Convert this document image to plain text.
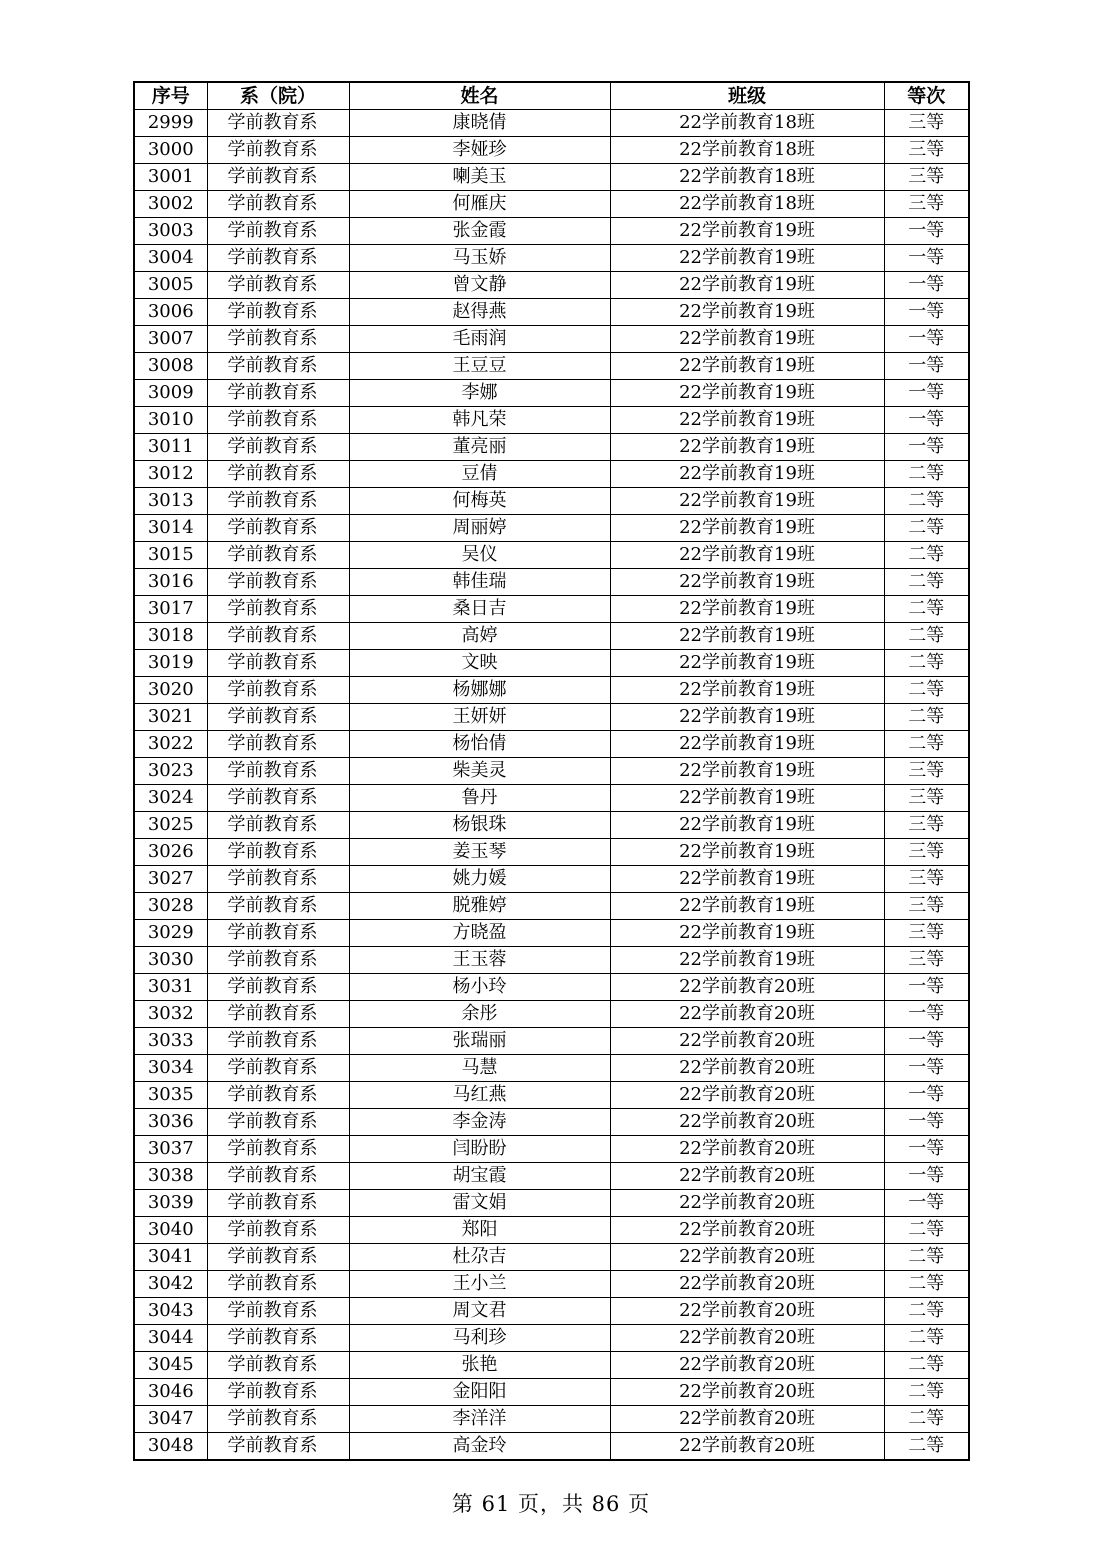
序号	系（院）	姓名	班级	等次
2999	学前教育系	康晓倩	22学前教育18班	三等
3000	学前教育系	李娅珍	22学前教育18班	三等
3001	学前教育系	喇美玉	22学前教育18班	三等
3002	学前教育系	何雁庆	22学前教育18班	三等
3003	学前教育系	张金霞	22学前教育19班	一等
3004	学前教育系	马玉娇	22学前教育19班	一等
3005	学前教育系	曾文静	22学前教育19班	一等
3006	学前教育系	赵得燕	22学前教育19班	一等
3007	学前教育系	毛雨润	22学前教育19班	一等
3008	学前教育系	王豆豆	22学前教育19班	一等
3009	学前教育系	李娜	22学前教育19班	一等
3010	学前教育系	韩凡荣	22学前教育19班	一等
3011	学前教育系	董亮丽	22学前教育19班	一等
3012	学前教育系	豆倩	22学前教育19班	二等
3013	学前教育系	何梅英	22学前教育19班	二等
3014	学前教育系	周丽婷	22学前教育19班	二等
3015	学前教育系	吴仪	22学前教育19班	二等
3016	学前教育系	韩佳瑞	22学前教育19班	二等
3017	学前教育系	桑日吉	22学前教育19班	二等
3018	学前教育系	高婷	22学前教育19班	二等
3019	学前教育系	文映	22学前教育19班	二等
3020	学前教育系	杨娜娜	22学前教育19班	二等
3021	学前教育系	王妍妍	22学前教育19班	二等
3022	学前教育系	杨怡倩	22学前教育19班	二等
3023	学前教育系	柴美灵	22学前教育19班	三等
3024	学前教育系	鲁丹	22学前教育19班	三等
3025	学前教育系	杨银珠	22学前教育19班	三等
3026	学前教育系	姜玉琴	22学前教育19班	三等
3027	学前教育系	姚力媛	22学前教育19班	三等
3028	学前教育系	脱雅婷	22学前教育19班	三等
3029	学前教育系	方晓盈	22学前教育19班	三等
3030	学前教育系	王玉蓉	22学前教育19班	三等
3031	学前教育系	杨小玲	22学前教育20班	一等
3032	学前教育系	余彤	22学前教育20班	一等
3033	学前教育系	张瑞丽	22学前教育20班	一等
3034	学前教育系	马慧	22学前教育20班	一等
3035	学前教育系	马红燕	22学前教育20班	一等
3036	学前教育系	李金涛	22学前教育20班	一等
3037	学前教育系	闫盼盼	22学前教育20班	一等
3038	学前教育系	胡宝霞	22学前教育20班	一等
3039	学前教育系	雷文娟	22学前教育20班	一等
3040	学前教育系	郑阳	22学前教育20班	二等
3041	学前教育系	杜尕吉	22学前教育20班	二等
3042	学前教育系	王小兰	22学前教育20班	二等
3043	学前教育系	周文君	22学前教育20班	二等
3044	学前教育系	马利珍	22学前教育20班	二等
3045	学前教育系	张艳	22学前教育20班	二等
3046	学前教育系	金阳阳	22学前教育20班	二等
3047	学前教育系	李洋洋	22学前教育20班	二等
3048	学前教育系	高金玲	22学前教育20班	二等
第 61 页，共 86 页
